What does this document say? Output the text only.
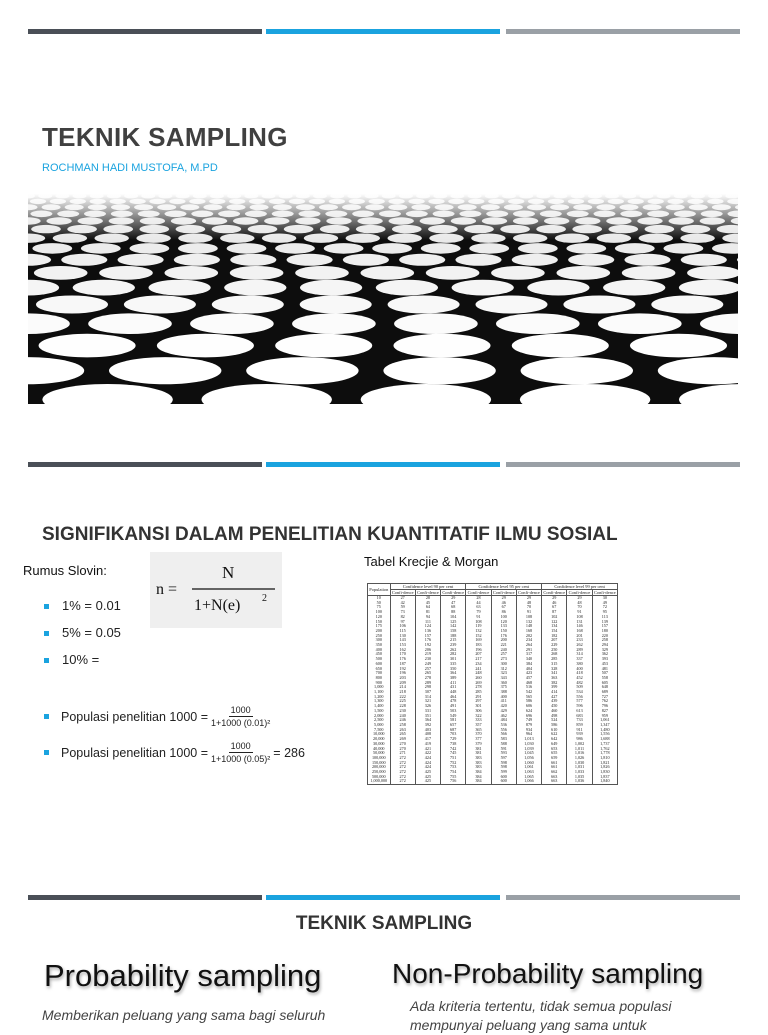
TEKNIK SAMPLING
ROCHMAN HADI MUSTOFA, M.PD
SIGNIFIKANSI DALAM PENELITIAN KUANTITATIF ILMU SOSIAL
Rumus Slovin:
n =
N
1+N(e) 2
1% = 0.01
5% = 0.05
10% =
Populasi penelitian $1000 = \frac{1000}{\text{1+1000 (0.01)²}}$
Populasi penelitian $1000 = \frac{1000}{\text{1+1000 (0.05)²}} = 286$
Tabel Krecjie & Morgan
Population	Confidence level 90 per cent			Confidence level 95 per cent			Confidence level 99 per cent		
	Confi-dence	Confi-dence	Confi-dence	Confi-dence	Confi-dence	Confi-dence	Confi-dence	Confi-dence	Confi-dence
10	27	28	29	28	29	29	29	29	30
50	42	45	47	44	46	48	46	48	49
75	59	64	68	63	67	70	67	70	72
100	73	81	88	79	86	91	87	91	95
120	82	94	104	91	100	108	102	108	113
150	97	111	125	108	120	132	122	131	139
175	106	124	142	119	133	148	134	146	157
200	115	136	158	132	150	168	154	168	180
250	130	157	188	152	176	202	182	201	220
300	143	176	215	169	200	234	207	233	258
350	153	192	239	183	221	264	229	262	294
400	162	206	262	196	240	291	250	289	329
450	170	219	282	207	257	317	268	314	362
500	176	230	301	217	273	340	285	337	393
600	187	249	335	234	300	384	315	380	453
650	192	257	350	241	312	404	328	400	481
700	196	265	364	248	323	423	341	418	507
800	203	278	389	260	343	457	363	452	558
900	209	289	411	269	360	468	382	482	605
1,000	214	298	431	278	375	516	399	509	648
1,100	218	307	448	285	388	542	414	534	689
1,200	222	314	464	291	400	565	427	556	727
1,300	225	321	478	297	411	586	439	577	762
1,400	228	326	491	301	420	606	450	596	796
1,500	230	331	503	306	429	624	460	613	827
2,000	240	351	549	322	462	696	498	683	959
2,500	246	364	581	333	484	749	524	733	1,061
5,000	258	392	657	357	536	879	586	859	1,347
7,500	263	403	687	365	556	934	610	911	1,480
10,000	265	408	703	370	566	964	622	939	1,556
20,000	269	417	729	377	583	1,013	642	986	1,688
30,000	270	419	738	379	588	1,030	649	1,002	1,737
40,000	270	421	742	381	591	1,039	653	1,011	1,762
50,000	271	422	745	381	593	1,045	655	1,016	1,778
100,000	272	424	751	383	597	1,056	659	1,026	1,810
150,000	272	424	752	383	598	1,060	661	1,030	1,821
200,000	272	424	753	383	598	1,061	661	1,031	1,826
250,000	272	425	754	384	599	1,063	662	1,033	1,830
500,000	272	425	755	384	600	1,065	663	1,035	1,837
1,000,000	272	425	756	384	600	1,066	663	1,036	1,840
TEKNIK SAMPLING
Probability sampling	Non-Probability sampling
Memberikan peluang yang sama bagi seluruh
Ada kriteria tertentu, tidak semua populasi mempunyai peluang yang sama untuk
